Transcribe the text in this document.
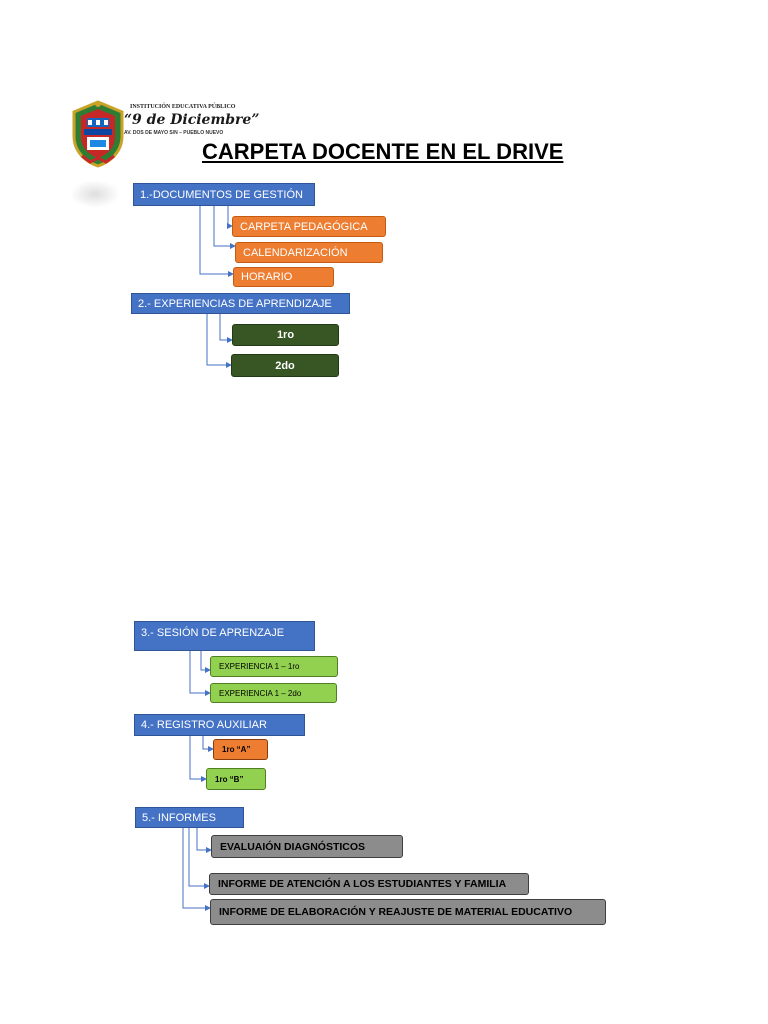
INSTITUCIÓN EDUCATIVA PÚBLICO
“9 de Diciembre”
AV. DOS DE MAYO S/N – PUEBLO NUEVO
CARPETA DOCENTE EN EL DRIVE
1.-DOCUMENTOS DE GESTIÓN
CARPETA PEDAGÓGICA
CALENDARIZACIÓN
HORARIO
2.- EXPERIENCIAS DE APRENDIZAJE
1ro
2do
3.- SESIÓN DE APRENZAJE
EXPERIENCIA 1 – 1ro
EXPERIENCIA 1 – 2do
4.- REGISTRO AUXILIAR
1ro “A”
1ro “B”
5.- INFORMES
EVALUAIÓN DIAGNÓSTICOS
INFORME DE ATENCIÓN A LOS ESTUDIANTES Y FAMILIA
INFORME DE ELABORACIÓN Y REAJUSTE DE MATERIAL EDUCATIVO
